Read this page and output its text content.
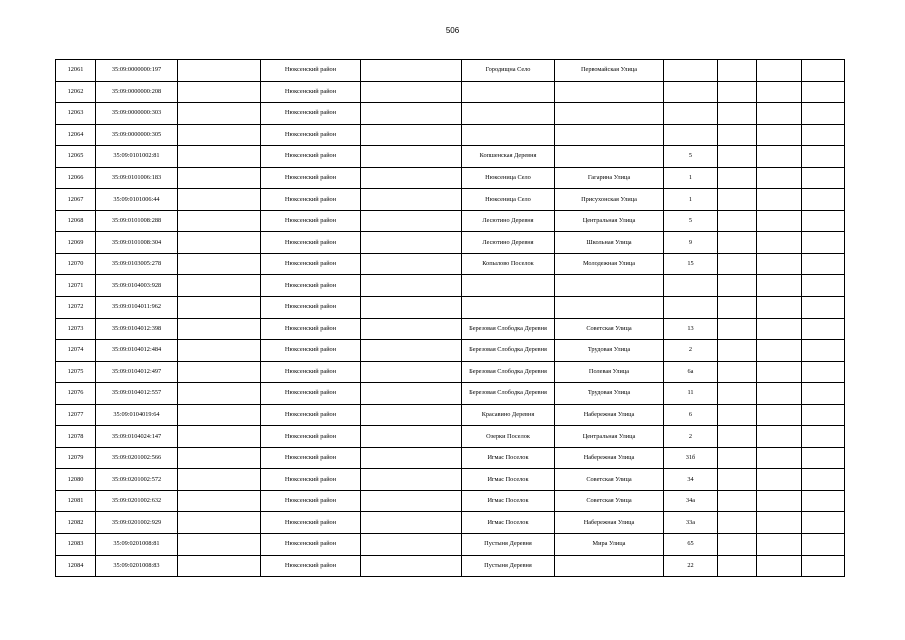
506
12061	35:09:0000000:197		Нюксенский район		Городищна Село	Первомайская Улица				
12062	35:09:0000000:208		Нюксенский район							
12063	35:09:0000000:303		Нюксенский район							
12064	35:09:0000000:305		Нюксенский район							
12065	35:09:0101002:81		Нюксенский район		Копшенская Деревня		5			
12066	35:09:0101006:183		Нюксенский район		Нюксеница Село	Гагарина Улица	1			
12067	35:09:0101006:44		Нюксенский район		Нюксеница Село	Присухонская Улица	1			
12068	35:09:0101008:288		Нюксенский район		Лесютино Деревня	Центральная Улица	5			
12069	35:09:0101008:304		Нюксенский район		Лесютино Деревня	Школьная Улица	9			
12070	35:09:0103005:278		Нюксенский район		Копылово Поселок	Молодежная Улица	15			
12071	35:09:0104003:928		Нюксенский район							
12072	35:09:0104011:962		Нюксенский район							
12073	35:09:0104012:398		Нюксенский район		Березовая Слободка Деревня	Советская Улица	13			
12074	35:09:0104012:484		Нюксенский район		Березовая Слободка Деревня	Трудовая Улица	2			
12075	35:09:0104012:497		Нюксенский район		Березовая Слободка Деревня	Полевая Улица	6а			
12076	35:09:0104012:557		Нюксенский район		Березовая Слободка Деревня	Трудовая Улица	11			
12077	35:09:0104019:64		Нюксенский район		Красавино Деревня	Набережная Улица	6			
12078	35:09:0104024:147		Нюксенский район		Озерки Поселок	Центральная Улица	2			
12079	35:09:0201002:566		Нюксенский район		Игмас Поселок	Набережная Улица	31б			
12080	35:09:0201002:572		Нюксенский район		Игмас Поселок	Советская Улица	34			
12081	35:09:0201002:632		Нюксенский район		Игмас Поселок	Советская Улица	34а			
12082	35:09:0201002:929		Нюксенский район		Игмас Поселок	Набережная Улица	33а			
12083	35:09:0201008:81		Нюксенский район		Пустыня Деревня	Мира Улица	65			
12084	35:09:0201008:83		Нюксенский район		Пустыня Деревня		22			
